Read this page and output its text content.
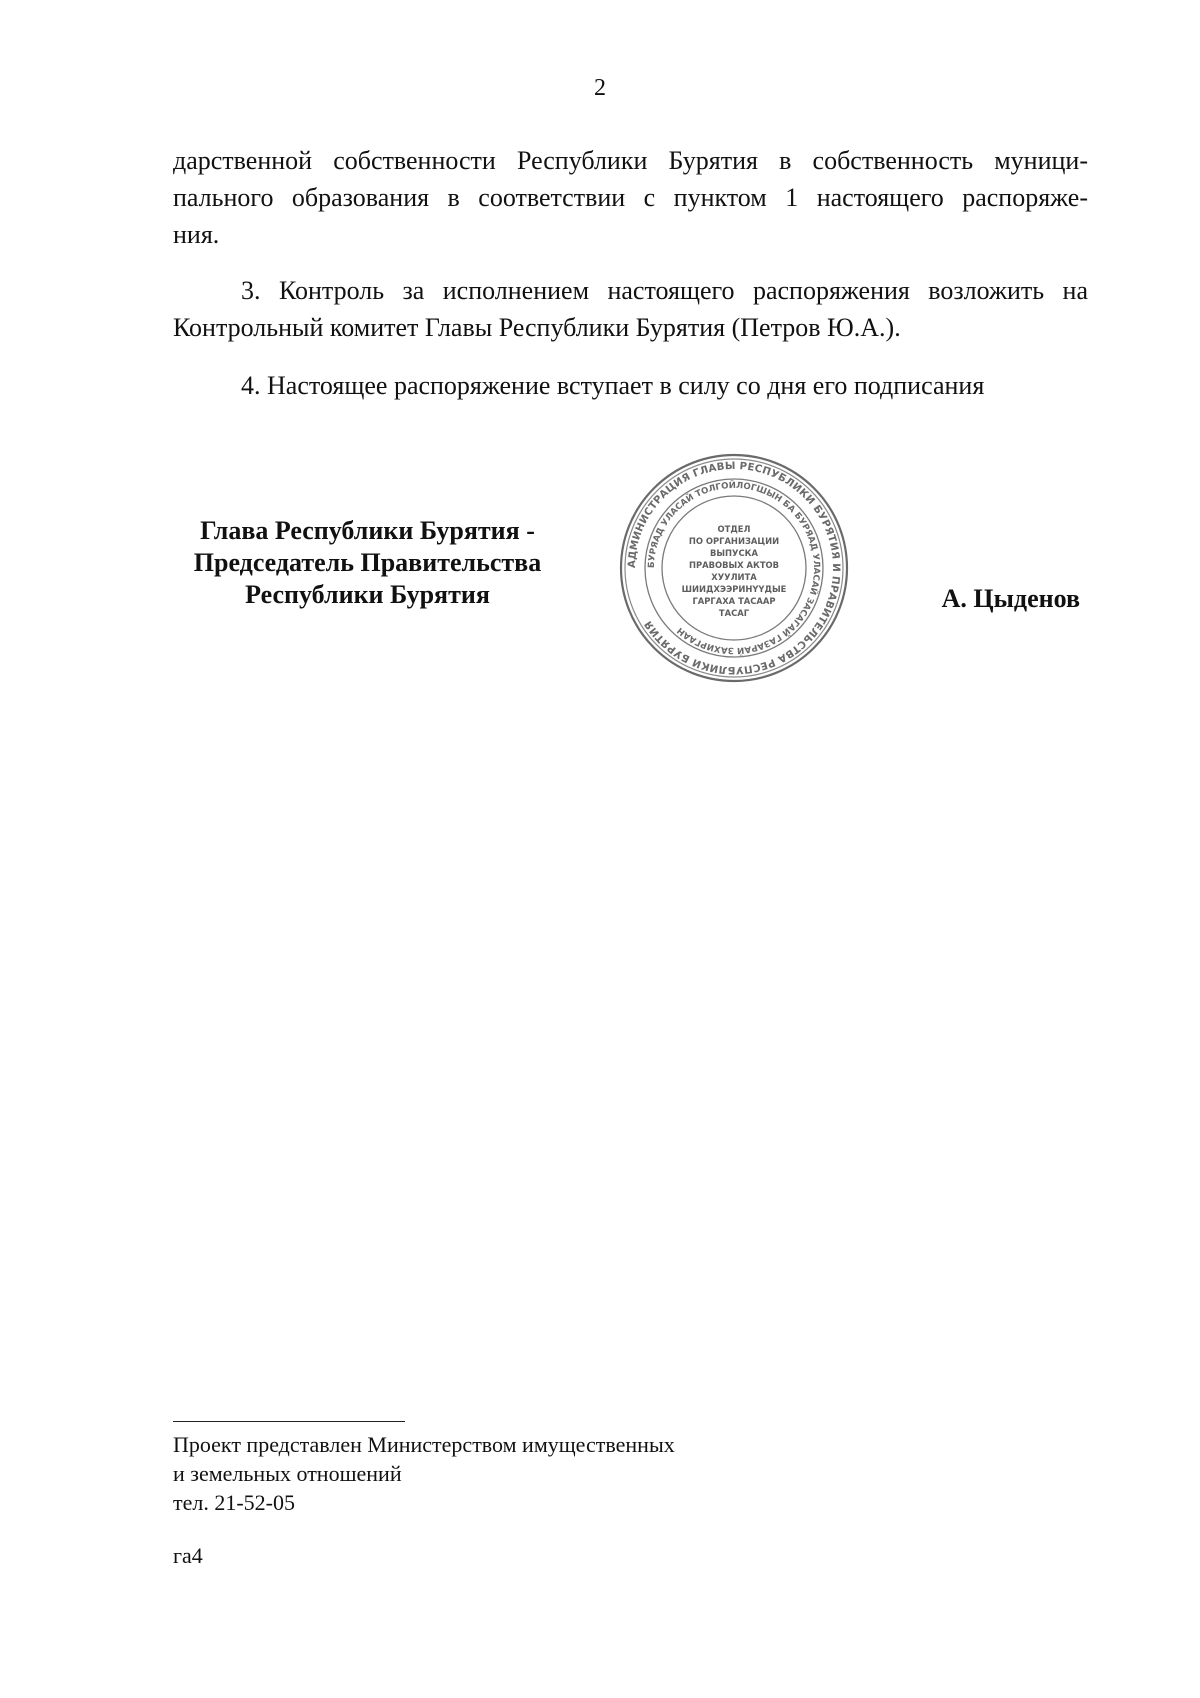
2
дарственной собственности Республики Бурятия в собственность муници-
пального образования в соответствии с пунктом 1 настоящего распоряже-
ния.
3. Контроль за исполнением настоящего распоряжения возложить на Контрольный комитет Главы Республики Бурятия (Петров Ю.А.).
4. Настоящее распоряжение вступает в силу со дня его подписания
Глава Республики Бурятия -
Председатель Правительства
Республики Бурятия
АДМИНИСТРАЦИЯ ГЛАВЫ РЕСПУБЛИКИ БУРЯТИЯ И ПРАВИТЕЛЬСТВА РЕСПУБЛИКИ БУРЯТИЯ
БУРЯАД УЛАСАЙ ТОЛГОЙЛОГШЫН БА БУРЯАД УЛАСАЙ ЗАСАГАЙ ГАЗАРАЙ ЗАХИРГААН
ОТДЕЛ
ПО ОРГАНИЗАЦИИ
ВЫПУСКА
ПРАВОВЫХ АКТОВ
ХУУЛИТА
ШИИДХЭЭРИНҮҮДЫЕ
ГАРГАХА ТАСААР
ТАСАГ	А. Цыденов
Проект представлен Министерством имущественных
и земельных отношений
тел. 21-52-05
га4
